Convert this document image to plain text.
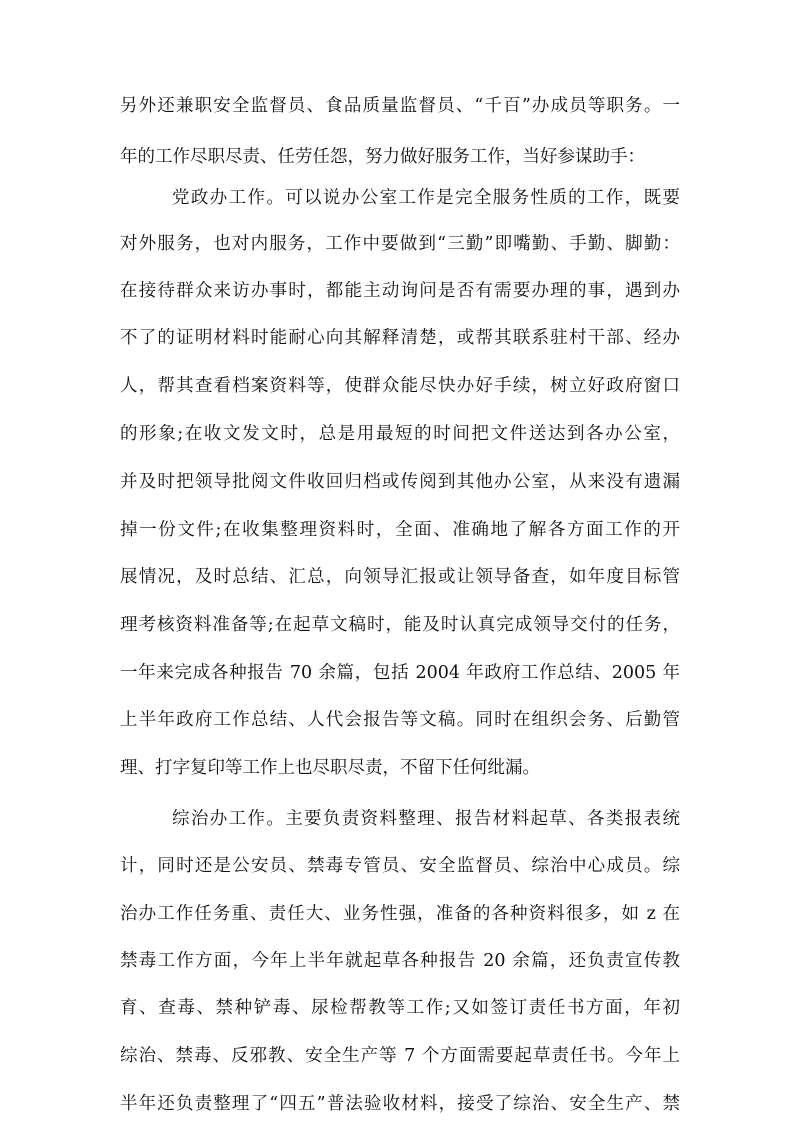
另外还兼职安全监督员、食品质量监督员、“千百”办成员等职务。一
年的工作尽职尽责、任劳任怨，努力做好服务工作，当好参谋助手：
党政办工作。可以说办公室工作是完全服务性质的工作，既要
对外服务，也对内服务，工作中要做到“三勤”即嘴勤、手勤、脚勤：
在接待群众来访办事时，都能主动询问是否有需要办理的事，遇到办
不了的证明材料时能耐心向其解释清楚，或帮其联系驻村干部、经办
人，帮其查看档案资料等，使群众能尽快办好手续，树立好政府窗口
的形象;在收文发文时，总是用最短的时间把文件送达到各办公室，
并及时把领导批阅文件收回归档或传阅到其他办公室，从来没有遗漏
掉一份文件;在收集整理资料时，全面、准确地了解各方面工作的开
展情况，及时总结、汇总，向领导汇报或让领导备查，如年度目标管
理考核资料准备等;在起草文稿时，能及时认真完成领导交付的任务，
一年来完成各种报告 70 余篇，包括 2004 年政府工作总结、2005 年
上半年政府工作总结、人代会报告等文稿。同时在组织会务、后勤管
理、打字复印等工作上也尽职尽责，不留下任何纰漏。
综治办工作。主要负责资料整理、报告材料起草、各类报表统
计，同时还是公安员、禁毒专管员、安全监督员、综治中心成员。综
治办工作任务重、责任大、业务性强，准备的各种资料很多，如 z 在
禁毒工作方面，今年上半年就起草各种报告 20 余篇，还负责宣传教
育、查毒、禁种铲毒、尿检帮教等工作;又如签订责任书方面，年初
综治、禁毒、反邪教、安全生产等 7 个方面需要起草责任书。今年上
半年还负责整理了“四五”普法验收材料，接受了综治、安全生产、禁
